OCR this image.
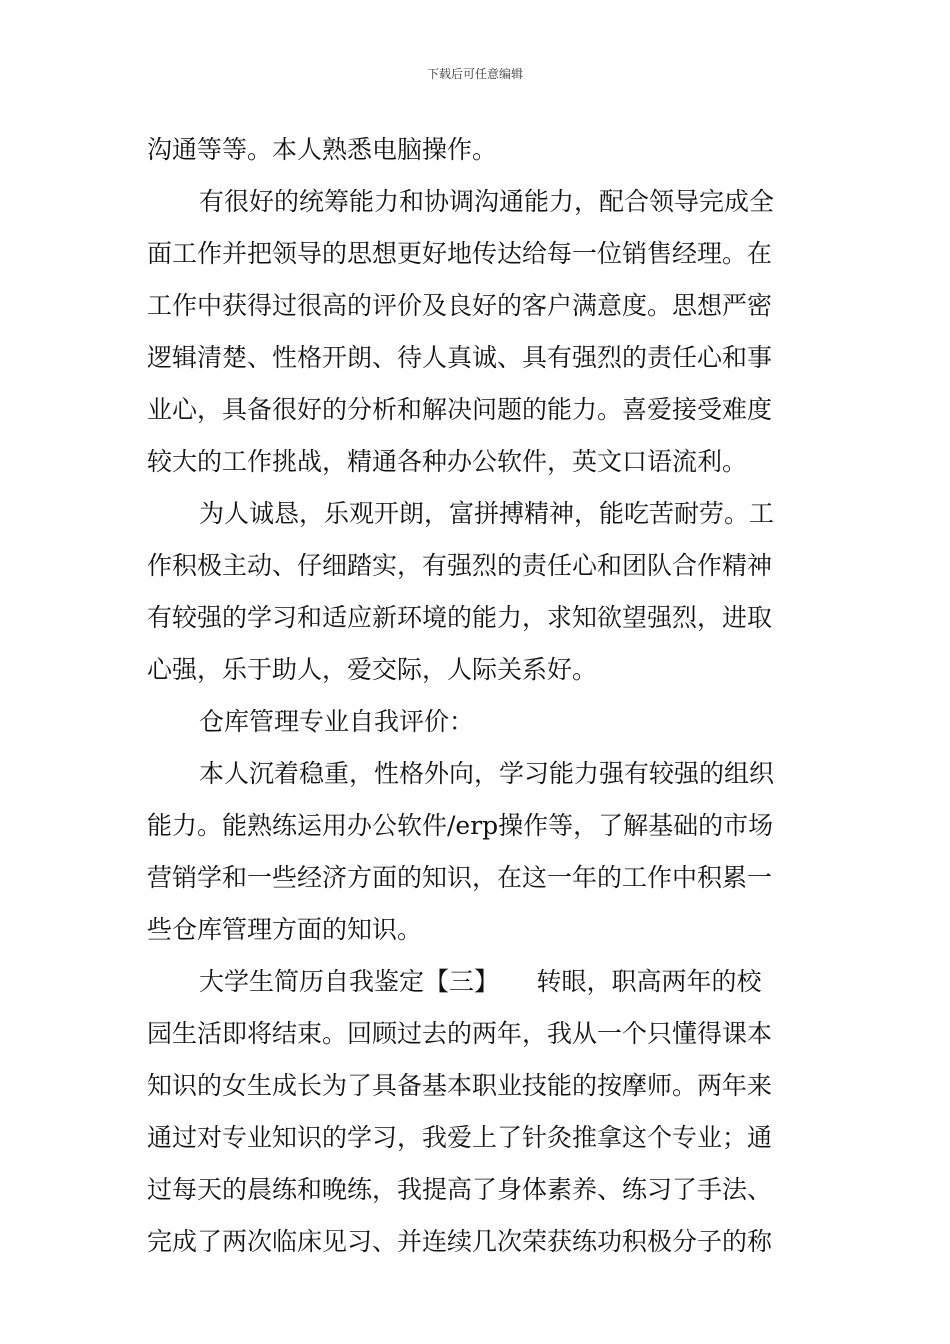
下载后可任意编辑
沟通等等。本人熟悉电脑操作。
有很好的统筹能力和协调沟通能力，配合领导完成全
面工作并把领导的思想更好地传达给每一位销售经理。在
工作中获得过很高的评价及良好的客户满意度。思想严密
逻辑清楚、性格开朗、待人真诚、具有强烈的责任心和事
业心，具备很好的分析和解决问题的能力。喜爱接受难度
较大的工作挑战，精通各种办公软件，英文口语流利。
为人诚恳，乐观开朗，富拼搏精神，能吃苦耐劳。工
作积极主动、仔细踏实，有强烈的责任心和团队合作精神
有较强的学习和适应新环境的能力，求知欲望强烈，进取
心强，乐于助人，爱交际，人际关系好。
仓库管理专业自我评价：
本人沉着稳重，性格外向，学习能力强有较强的组织
能力。能熟练运用办公软件/erp操作等，了解基础的市场
营销学和一些经济方面的知识，在这一年的工作中积累一
些仓库管理方面的知识。
大学生简历自我鉴定【三】　　转眼，职高两年的校
园生活即将结束。回顾过去的两年，我从一个只懂得课本
知识的女生成长为了具备基本职业技能的按摩师。两年来
通过对专业知识的学习，我爱上了针灸推拿这个专业；通
过每天的晨练和晚练，我提高了身体素养、练习了手法、
完成了两次临床见习、并连续几次荣获练功积极分子的称
